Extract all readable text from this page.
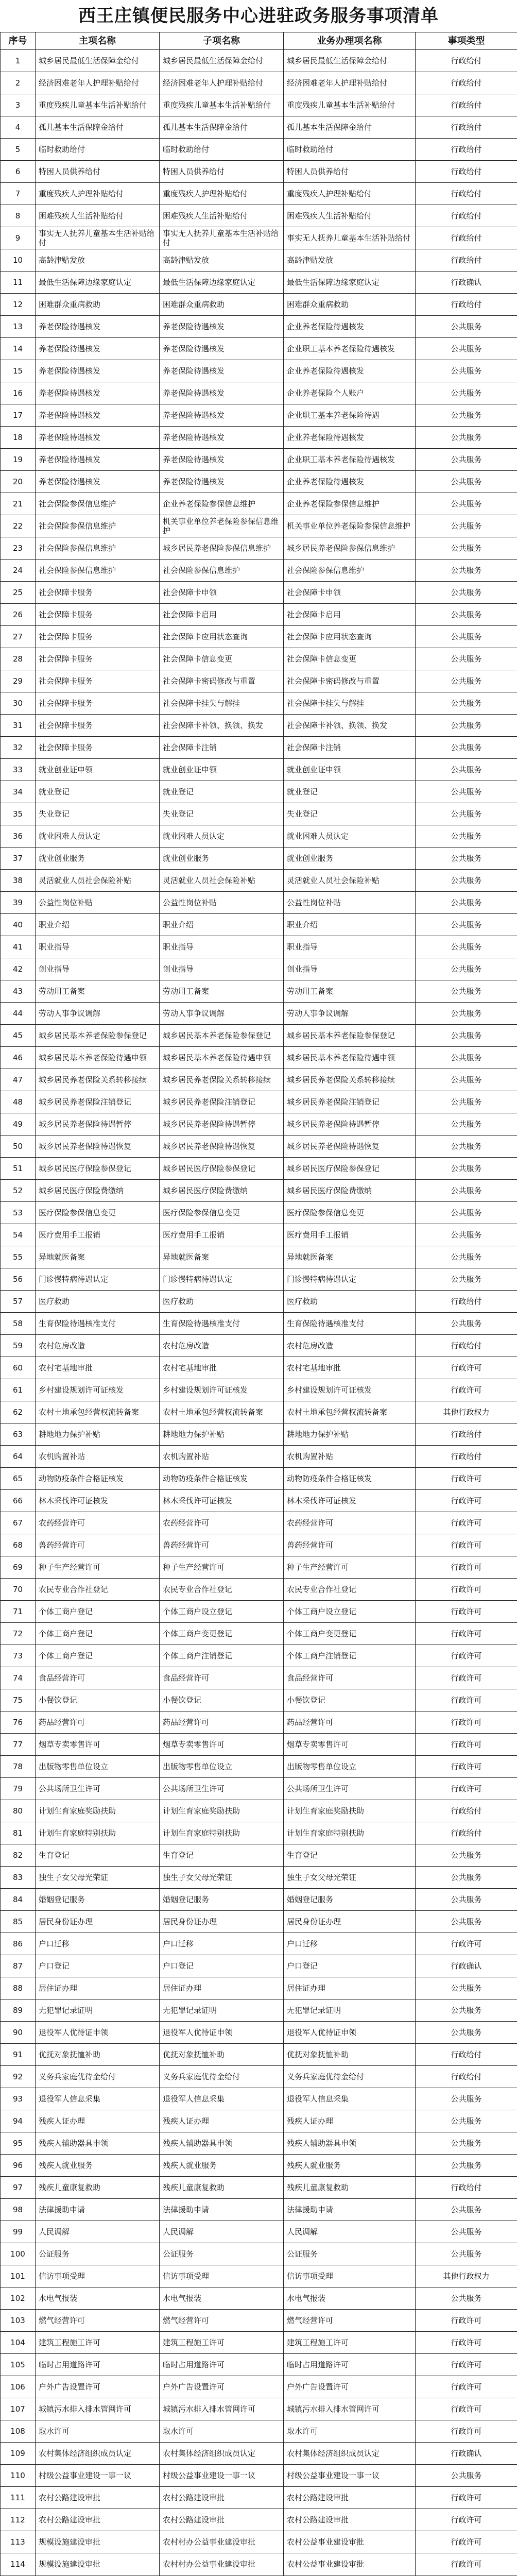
西王庄镇便民服务中心进驻政务服务事项清单
序号	主项名称	子项名称	业务办理项名称	事项类型
1	城乡居民最低生活保障金给付	城乡居民最低生活保障金给付	城乡居民最低生活保障金给付	行政给付
2	经济困难老年人护理补贴给付	经济困难老年人护理补贴给付	经济困难老年人护理补贴给付	行政给付
3	重度残疾儿童基本生活补贴给付	重度残疾儿童基本生活补贴给付	重度残疾儿童基本生活补贴给付	行政给付
4	孤儿基本生活保障金给付	孤儿基本生活保障金给付	孤儿基本生活保障金给付	行政给付
5	临时救助给付	临时救助给付	临时救助给付	行政给付
6	特困人员供养给付	特困人员供养给付	特困人员供养给付	行政给付
7	重度残疾人护理补贴给付	重度残疾人护理补贴给付	重度残疾人护理补贴给付	行政给付
8	困难残疾人生活补贴给付	困难残疾人生活补贴给付	困难残疾人生活补贴给付	行政给付
9	事实无人抚养儿童基本生活补贴给付	事实无人抚养儿童基本生活补贴给付	事实无人抚养儿童基本生活补贴给付	行政给付
10	高龄津贴发放	高龄津贴发放	高龄津贴发放	行政给付
11	最低生活保障边缘家庭认定	最低生活保障边缘家庭认定	最低生活保障边缘家庭认定	行政确认
12	困难群众重病救助	困难群众重病救助	困难群众重病救助	行政给付
13	养老保险待遇核发	养老保险待遇核发	企业养老保险待遇核发	公共服务
14	养老保险待遇核发	养老保险待遇核发	企业职工基本养老保险待遇核发	公共服务
15	养老保险待遇核发	养老保险待遇核发	企业养老保险待遇核发	公共服务
16	养老保险待遇核发	养老保险待遇核发	企业养老保险个人账户	公共服务
17	养老保险待遇核发	养老保险待遇核发	企业职工基本养老保险待遇	公共服务
18	养老保险待遇核发	养老保险待遇核发	企业养老保险待遇核发	公共服务
19	养老保险待遇核发	养老保险待遇核发	企业职工基本养老保险待遇核发	公共服务
20	养老保险待遇核发	养老保险待遇核发	企业养老保险待遇核发	公共服务
21	社会保险参保信息维护	企业养老保险参保信息维护	企业养老保险参保信息维护	公共服务
22	社会保险参保信息维护	机关事业单位养老保险参保信息维护	机关事业单位养老保险参保信息维护	公共服务
23	社会保险参保信息维护	城乡居民养老保险参保信息维护	城乡居民养老保险参保信息维护	公共服务
24	社会保险参保信息维护	社会保险参保信息维护	社会保险参保信息维护	公共服务
25	社会保障卡服务	社会保障卡申领	社会保障卡申领	公共服务
26	社会保障卡服务	社会保障卡启用	社会保障卡启用	公共服务
27	社会保障卡服务	社会保障卡应用状态查询	社会保障卡应用状态查询	公共服务
28	社会保障卡服务	社会保障卡信息变更	社会保障卡信息变更	公共服务
29	社会保障卡服务	社会保障卡密码修改与重置	社会保障卡密码修改与重置	公共服务
30	社会保障卡服务	社会保障卡挂失与解挂	社会保障卡挂失与解挂	公共服务
31	社会保障卡服务	社会保障卡补领、换领、换发	社会保障卡补领、换领、换发	公共服务
32	社会保障卡服务	社会保障卡注销	社会保障卡注销	公共服务
33	就业创业证申领	就业创业证申领	就业创业证申领	公共服务
34	就业登记	就业登记	就业登记	公共服务
35	失业登记	失业登记	失业登记	公共服务
36	就业困难人员认定	就业困难人员认定	就业困难人员认定	公共服务
37	就业创业服务	就业创业服务	就业创业服务	公共服务
38	灵活就业人员社会保险补贴	灵活就业人员社会保险补贴	灵活就业人员社会保险补贴	公共服务
39	公益性岗位补贴	公益性岗位补贴	公益性岗位补贴	公共服务
40	职业介绍	职业介绍	职业介绍	公共服务
41	职业指导	职业指导	职业指导	公共服务
42	创业指导	创业指导	创业指导	公共服务
43	劳动用工备案	劳动用工备案	劳动用工备案	公共服务
44	劳动人事争议调解	劳动人事争议调解	劳动人事争议调解	公共服务
45	城乡居民基本养老保险参保登记	城乡居民基本养老保险参保登记	城乡居民基本养老保险参保登记	公共服务
46	城乡居民基本养老保险待遇申领	城乡居民基本养老保险待遇申领	城乡居民基本养老保险待遇申领	公共服务
47	城乡居民养老保险关系转移接续	城乡居民养老保险关系转移接续	城乡居民养老保险关系转移接续	公共服务
48	城乡居民养老保险注销登记	城乡居民养老保险注销登记	城乡居民养老保险注销登记	公共服务
49	城乡居民养老保险待遇暂停	城乡居民养老保险待遇暂停	城乡居民养老保险待遇暂停	公共服务
50	城乡居民养老保险待遇恢复	城乡居民养老保险待遇恢复	城乡居民养老保险待遇恢复	公共服务
51	城乡居民医疗保险参保登记	城乡居民医疗保险参保登记	城乡居民医疗保险参保登记	公共服务
52	城乡居民医疗保险费缴纳	城乡居民医疗保险费缴纳	城乡居民医疗保险费缴纳	公共服务
53	医疗保险参保信息变更	医疗保险参保信息变更	医疗保险参保信息变更	公共服务
54	医疗费用手工报销	医疗费用手工报销	医疗费用手工报销	公共服务
55	异地就医备案	异地就医备案	异地就医备案	公共服务
56	门诊慢特病待遇认定	门诊慢特病待遇认定	门诊慢特病待遇认定	公共服务
57	医疗救助	医疗救助	医疗救助	行政给付
58	生育保险待遇核准支付	生育保险待遇核准支付	生育保险待遇核准支付	公共服务
59	农村危房改造	农村危房改造	农村危房改造	行政给付
60	农村宅基地审批	农村宅基地审批	农村宅基地审批	行政许可
61	乡村建设规划许可证核发	乡村建设规划许可证核发	乡村建设规划许可证核发	行政许可
62	农村土地承包经营权流转备案	农村土地承包经营权流转备案	农村土地承包经营权流转备案	其他行政权力
63	耕地地力保护补贴	耕地地力保护补贴	耕地地力保护补贴	行政给付
64	农机购置补贴	农机购置补贴	农机购置补贴	行政给付
65	动物防疫条件合格证核发	动物防疫条件合格证核发	动物防疫条件合格证核发	行政许可
66	林木采伐许可证核发	林木采伐许可证核发	林木采伐许可证核发	行政许可
67	农药经营许可	农药经营许可	农药经营许可	行政许可
68	兽药经营许可	兽药经营许可	兽药经营许可	行政许可
69	种子生产经营许可	种子生产经营许可	种子生产经营许可	行政许可
70	农民专业合作社登记	农民专业合作社登记	农民专业合作社登记	行政许可
71	个体工商户登记	个体工商户设立登记	个体工商户设立登记	行政许可
72	个体工商户登记	个体工商户变更登记	个体工商户变更登记	行政许可
73	个体工商户登记	个体工商户注销登记	个体工商户注销登记	行政许可
74	食品经营许可	食品经营许可	食品经营许可	行政许可
75	小餐饮登记	小餐饮登记	小餐饮登记	行政许可
76	药品经营许可	药品经营许可	药品经营许可	行政许可
77	烟草专卖零售许可	烟草专卖零售许可	烟草专卖零售许可	行政许可
78	出版物零售单位设立	出版物零售单位设立	出版物零售单位设立	行政许可
79	公共场所卫生许可	公共场所卫生许可	公共场所卫生许可	行政许可
80	计划生育家庭奖励扶助	计划生育家庭奖励扶助	计划生育家庭奖励扶助	行政给付
81	计划生育家庭特别扶助	计划生育家庭特别扶助	计划生育家庭特别扶助	行政给付
82	生育登记	生育登记	生育登记	公共服务
83	独生子女父母光荣证	独生子女父母光荣证	独生子女父母光荣证	公共服务
84	婚姻登记服务	婚姻登记服务	婚姻登记服务	公共服务
85	居民身份证办理	居民身份证办理	居民身份证办理	公共服务
86	户口迁移	户口迁移	户口迁移	行政许可
87	户口登记	户口登记	户口登记	行政确认
88	居住证办理	居住证办理	居住证办理	公共服务
89	无犯罪记录证明	无犯罪记录证明	无犯罪记录证明	公共服务
90	退役军人优待证申领	退役军人优待证申领	退役军人优待证申领	公共服务
91	优抚对象抚恤补助	优抚对象抚恤补助	优抚对象抚恤补助	行政给付
92	义务兵家庭优待金给付	义务兵家庭优待金给付	义务兵家庭优待金给付	行政给付
93	退役军人信息采集	退役军人信息采集	退役军人信息采集	公共服务
94	残疾人证办理	残疾人证办理	残疾人证办理	公共服务
95	残疾人辅助器具申领	残疾人辅助器具申领	残疾人辅助器具申领	公共服务
96	残疾人就业服务	残疾人就业服务	残疾人就业服务	公共服务
97	残疾儿童康复救助	残疾儿童康复救助	残疾儿童康复救助	行政给付
98	法律援助申请	法律援助申请	法律援助申请	公共服务
99	人民调解	人民调解	人民调解	公共服务
100	公证服务	公证服务	公证服务	公共服务
101	信访事项受理	信访事项受理	信访事项受理	其他行政权力
102	水电气报装	水电气报装	水电气报装	公共服务
103	燃气经营许可	燃气经营许可	燃气经营许可	行政许可
104	建筑工程施工许可	建筑工程施工许可	建筑工程施工许可	行政许可
105	临时占用道路许可	临时占用道路许可	临时占用道路许可	行政许可
106	户外广告设置许可	户外广告设置许可	户外广告设置许可	行政许可
107	城镇污水排入排水管网许可	城镇污水排入排水管网许可	城镇污水排入排水管网许可	行政许可
108	取水许可	取水许可	取水许可	行政许可
109	农村集体经济组织成员认定	农村集体经济组织成员认定	农村集体经济组织成员认定	行政确认
110	村级公益事业建设一事一议	村级公益事业建设一事一议	村级公益事业建设一事一议	公共服务
111	农村公路建设审批	农村公路建设审批	农村公路建设审批	行政许可
112	农村公路建设审批	农村公路建设审批	农村公路建设审批	行政许可
113	规模设施建设审批	农村村办公益事业建设审批	农村公益事业建设审批	行政许可
114	规模设施建设审批	农村村办公益事业建设审批	农村公益事业建设审批	行政许可
